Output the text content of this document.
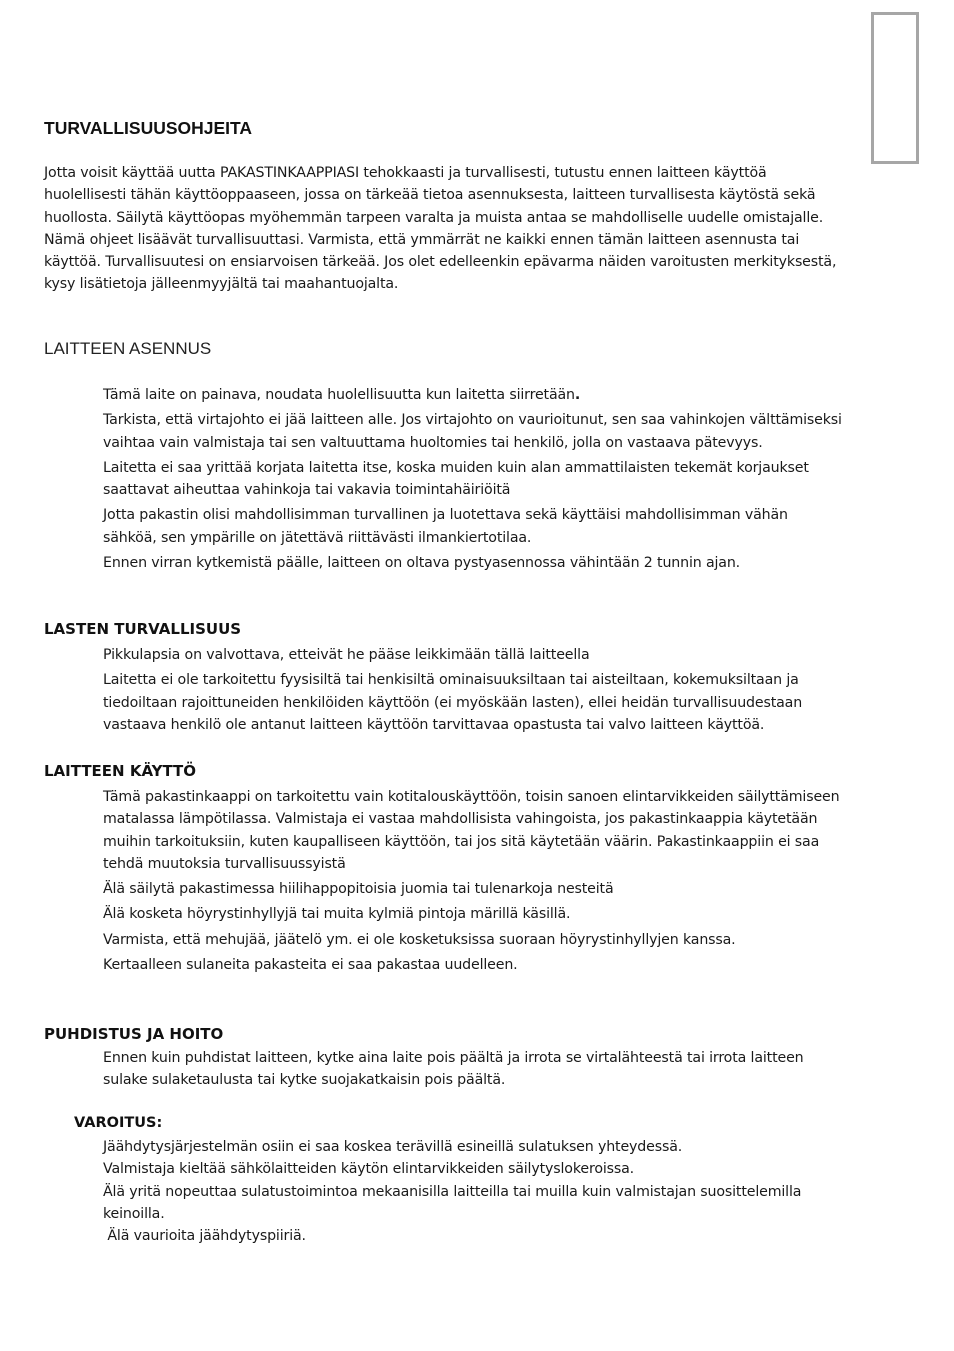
TURVALLISUUSOHJEITA

Jotta voisit käyttää uutta PAKASTINKAAPPIASI tehokkaasti ja turvallisesti, tutustu ennen laitteen käyttöä huolellisesti tähän käyttöoppaaseen, jossa on tärkeää tietoa asennuksesta, laitteen turvallisesta käytöstä sekä huollosta. Säilytä käyttöopas myöhemmän tarpeen varalta ja muista antaa se mahdolliselle uudelle omistajalle.
Nämä ohjeet lisäävät turvallisuuttasi. Varmista, että ymmärrät ne kaikki ennen tämän laitteen asennusta tai käyttöä. Turvallisuutesi on ensiarvoisen tärkeää. Jos olet edelleenkin epävarma näiden varoitusten merkityksestä, kysy lisätietoja jälleenmyyjältä tai maahantuojalta.

LAITTEEN ASENNUS
Tämä laite on painava, noudata huolellisuutta kun laitetta siirretään.
Tarkista, että virtajohto ei jää laitteen alle. Jos virtajohto on vaurioitunut, sen saa vahinkojen välttämiseksi vaihtaa vain valmistaja tai sen valtuuttama huoltomies tai henkilö, jolla on vastaava pätevyys.
Laitetta ei saa yrittää korjata laitetta itse, koska muiden kuin alan ammattilaisten tekemät korjaukset saattavat aiheuttaa vahinkoja tai vakavia toimintahäiriöitä
Jotta pakastin olisi mahdollisimman turvallinen ja luotettava sekä käyttäisi mahdollisimman vähän sähköä, sen ympärille on jätettävä riittävästi ilmankiertotilaa.
Ennen virran kytkemistä päälle, laitteen on oltava pystyasennossa vähintään 2 tunnin ajan.
LASTEN TURVALLISUUS
Pikkulapsia on valvottava, etteivät he pääse leikkimään tällä laitteella
Laitetta ei ole tarkoitettu fyysisiltä tai henkisiltä ominaisuuksiltaan tai aisteiltaan, kokemuksiltaan ja tiedoiltaan rajoittuneiden henkilöiden käyttöön (ei myöskään lasten), ellei heidän turvallisuudestaan vastaava henkilö ole antanut laitteen käyttöön tarvittavaa opastusta tai valvo laitteen käyttöä.
LAITTEEN KÄYTTÖ
Tämä pakastinkaappi on tarkoitettu vain kotitalouskäyttöön, toisin sanoen elintarvikkeiden säilyttämiseen matalassa lämpötilassa. Valmistaja ei vastaa mahdollisista vahingoista, jos pakastinkaappia käytetään muihin tarkoituksiin, kuten kaupalliseen käyttöön, tai jos sitä käytetään väärin. Pakastinkaappiin ei saa tehdä muutoksia turvallisuussyistä
Älä säilytä pakastimessa hiilihappopitoisia juomia tai tulenarkoja nesteitä
Älä kosketa höyrystinhyllyjä tai muita kylmiä pintoja märillä käsillä.
Varmista, että mehujää, jäätelö ym. ei ole kosketuksissa suoraan höyrystinhyllyjen kanssa.
Kertaalleen sulaneita pakasteita ei saa pakastaa uudelleen.
PUHDISTUS JA HOITO
Ennen kuin puhdistat laitteen, kytke aina laite pois päältä ja irrota se virtalähteestä tai irrota laitteen sulake sulaketaulusta tai kytke suojakatkaisin pois päältä.
VAROITUS:
Jäähdytysjärjestelmän osiin ei saa koskea terävillä esineillä sulatuksen yhteydessä.
Valmistaja kieltää sähkölaitteiden käytön elintarvikkeiden säilytyslokeroissa.
Älä yritä nopeuttaa sulatustoimintoa mekaanisilla laitteilla tai muilla kuin valmistajan suosittelemilla keinoilla.
Älä vaurioita jäähdytyspiiriä.
